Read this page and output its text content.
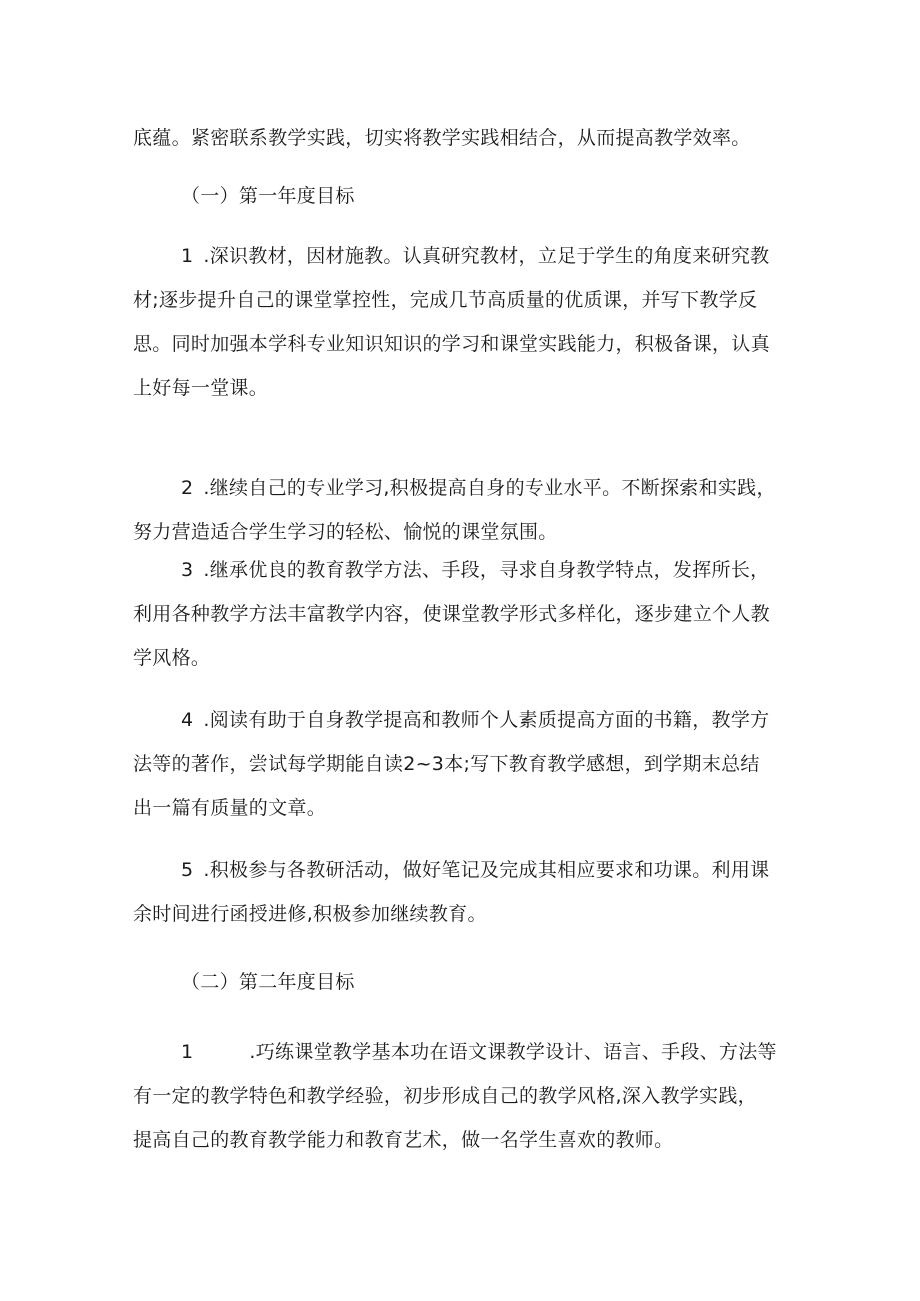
底蕴。紧密联系教学实践，切实将教学实践相结合，从而提高教学效率。

（一）第一年度目标

1 .深识教材，因材施教。认真研究教材，立足于学生的角度来研究教
材;逐步提升自己的课堂掌控性，完成几节高质量的优质课，并写下教学反
思。同时加强本学科专业知识知识的学习和课堂实践能力，积极备课，认真
上好每一堂课。

2 .继续自己的专业学习,积极提高自身的专业水平。不断探索和实践，
努力营造适合学生学习的轻松、愉悦的课堂氛围。

3 .继承优良的教育教学方法、手段，寻求自身教学特点，发挥所长，
利用各种教学方法丰富教学内容，使课堂教学形式多样化，逐步建立个人教
学风格。

4 .阅读有助于自身教学提高和教师个人素质提高方面的书籍，教学方
法等的著作，尝试每学期能自读2~3本;写下教育教学感想，到学期末总结
出一篇有质量的文章。

5 .积极参与各教研活动，做好笔记及完成其相应要求和功课。利用课
余时间进行函授进修,积极参加继续教育。

（二）第二年度目标

1	.巧练课堂教学基本功在语文课教学设计、语言、手段、方法等
有一定的教学特色和教学经验，初步形成自己的教学风格,深入教学实践，
提高自己的教育教学能力和教育艺术，做一名学生喜欢的教师。
